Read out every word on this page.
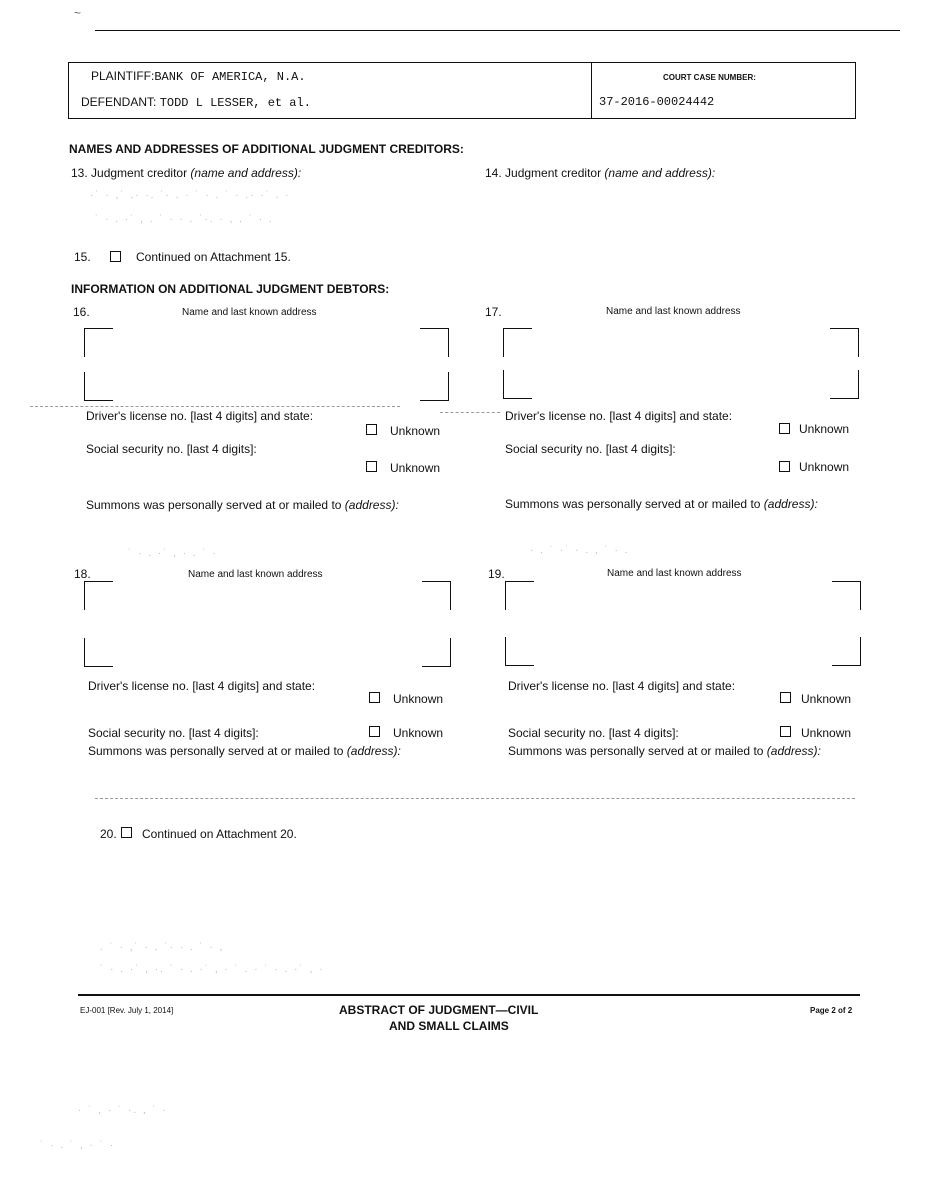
~
PLAINTIFF:BANK OF AMERICA, N.A.
DEFENDANT: TODD L LESSER, et al.
COURT CASE NUMBER:
37-2016-00024442
NAMES AND ADDRESSES OF ADDITIONAL JUDGMENT CREDITORS:
13. Judgment creditor (name and address):	14. Judgment creditor (name and address):
·˙ · ,˙ .· ·. ˙· . · ˙ · . ˙ · .· ·˙ . ·
˙ · . ·˙ , . ˙ · · . ˙·. · , . ˙ · .
15.	Continued on Attachment 15.
INFORMATION ON ADDITIONAL JUDGMENT DEBTORS:
16.	Name and last known address
Driver's license no. [last 4 digits] and state:
Unknown
Social security no. [last 4 digits]:
Unknown
Summons was personally served at or mailed to (address):
17.	Name and last known address
Driver's license no. [last 4 digits] and state:
Unknown
Social security no. [last 4 digits]:
Unknown
Summons was personally served at or mailed to (address):
˙ · . ·˙ , · . ˙ ·	· . ˙ ·˙ · . , ˙ · .
18.	Name and last known address
Driver's license no. [last 4 digits] and state:
Unknown
Social security no. [last 4 digits]:	Unknown
Summons was personally served at or mailed to (address):
19.	Name and last known address
Driver's license no. [last 4 digits] and state:
Unknown
Social security no. [last 4 digits]:	Unknown
Summons was personally served at or mailed to (address):
20. Continued on Attachment 20.
. ˙ · ,˙ · . ˙· · . ˙ · ,
˙ · . ·˙ , ·. ˙ · . ·˙ , · ˙ . · ˙ · . ·˙ , ·
EJ-001 [Rev. July 1, 2014]	ABSTRACT OF JUDGMENT—CIVIL
AND SMALL CLAIMS
Page 2 of 2
· ˙ , · ˙ ·. , ˙ ·
˙ · . ˙ , · ˙ ·
